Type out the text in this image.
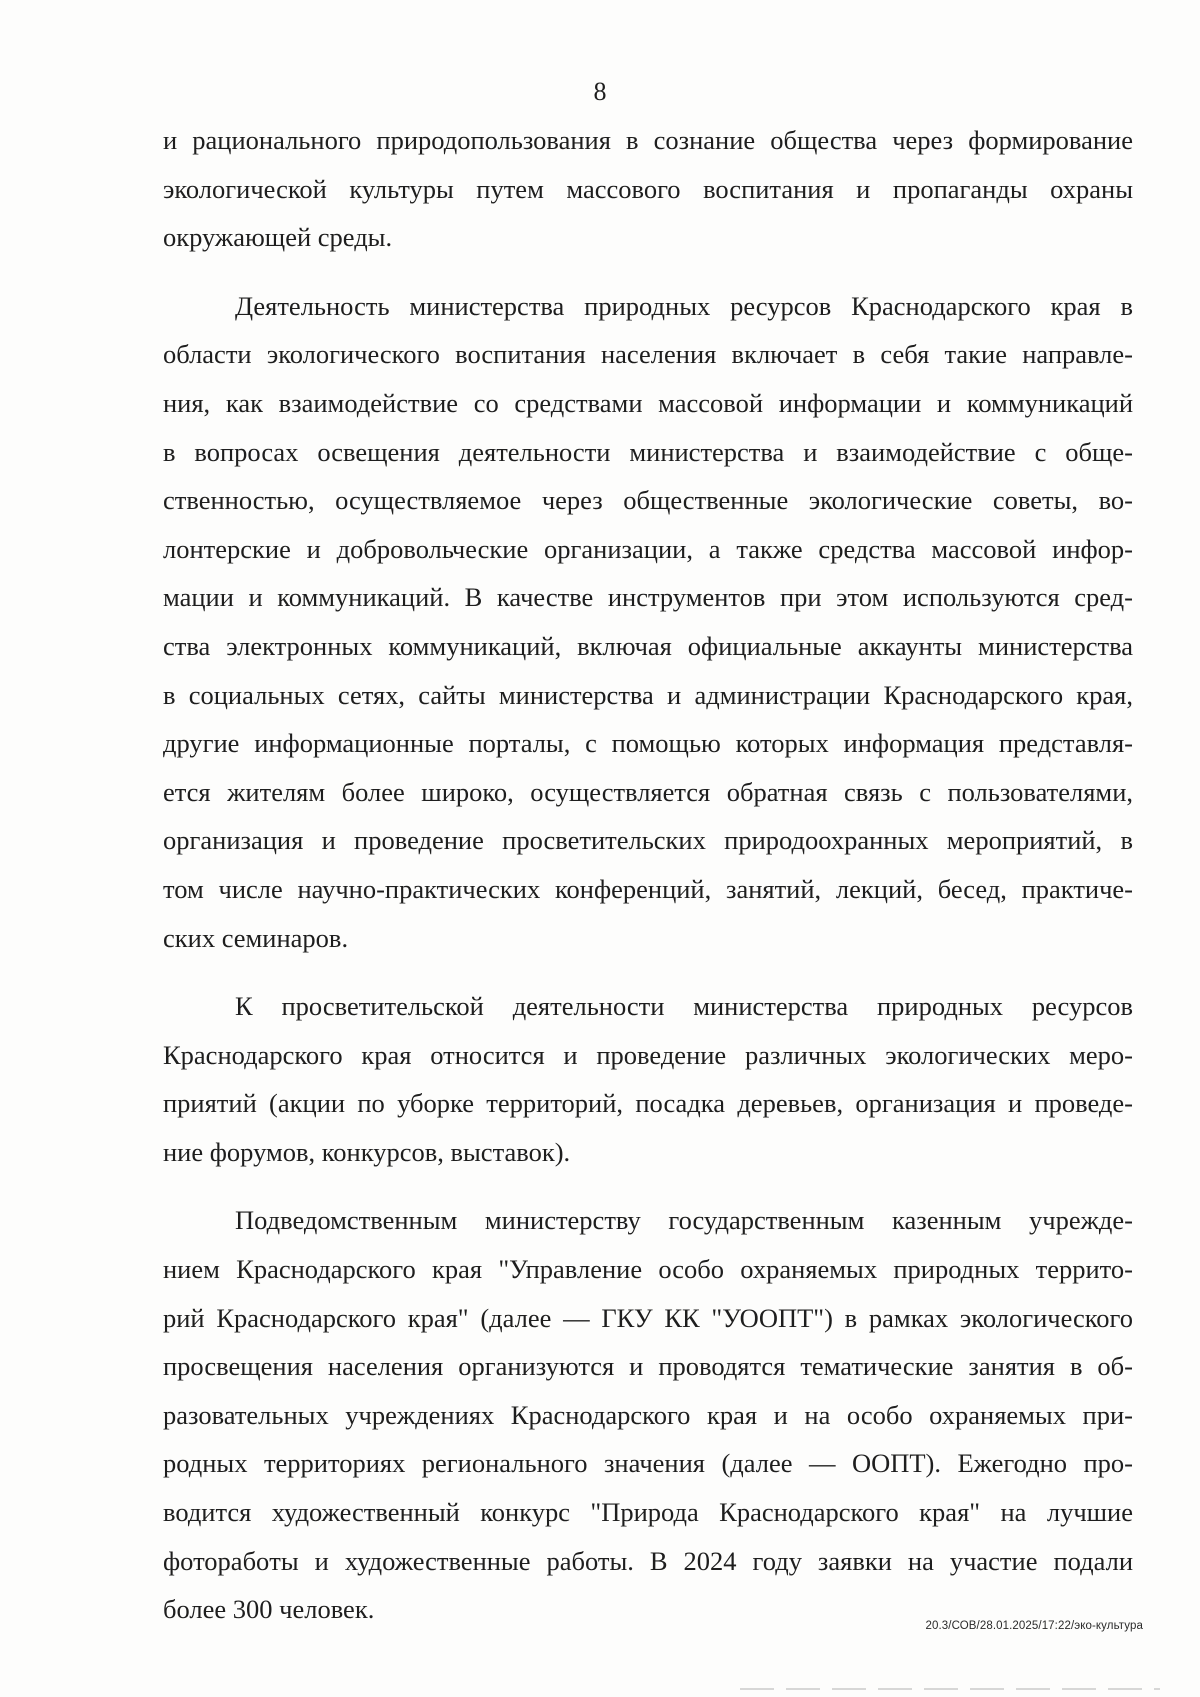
8
и рационального природопользования в сознание общества через формирование
экологической культуры путем массового воспитания и пропаганды охраны
окружающей среды.
Деятельность министерства природных ресурсов Краснодарского края в
области экологического воспитания населения включает в себя такие направле-
ния, как взаимодействие со средствами массовой информации и коммуникаций
в вопросах освещения деятельности министерства и взаимодействие с обще-
ственностью, осуществляемое через общественные экологические советы, во-
лонтерские и добровольческие организации, а также средства массовой инфор-
мации и коммуникаций. В качестве инструментов при этом используются сред-
ства электронных коммуникаций, включая официальные аккаунты министерства
в социальных сетях, сайты министерства и администрации Краснодарского края,
другие информационные порталы, с помощью которых информация представля-
ется жителям более широко, осуществляется обратная связь с пользователями,
организация и проведение просветительских природоохранных мероприятий, в
том числе научно-практических конференций, занятий, лекций, бесед, практиче-
ских семинаров.
К просветительской деятельности министерства природных ресурсов
Краснодарского края относится и проведение различных экологических меро-
приятий (акции по уборке территорий, посадка деревьев, организация и проведе-
ние форумов, конкурсов, выставок).
Подведомственным министерству государственным казенным учрежде-
нием Краснодарского края "Управление особо охраняемых природных террито-
рий Краснодарского края" (далее — ГКУ КК "УООПТ") в рамках экологического
просвещения населения организуются и проводятся тематические занятия в об-
разовательных учреждениях Краснодарского края и на особо охраняемых при-
родных территориях регионального значения (далее — ООПТ). Ежегодно про-
водится художественный конкурс "Природа Краснодарского края" на лучшие
фоторабoты и художественные работы. В 2024 году заявки на участие подали
более 300 человек.
20.3/СОВ/28.01.2025/17:22/эко-культура
